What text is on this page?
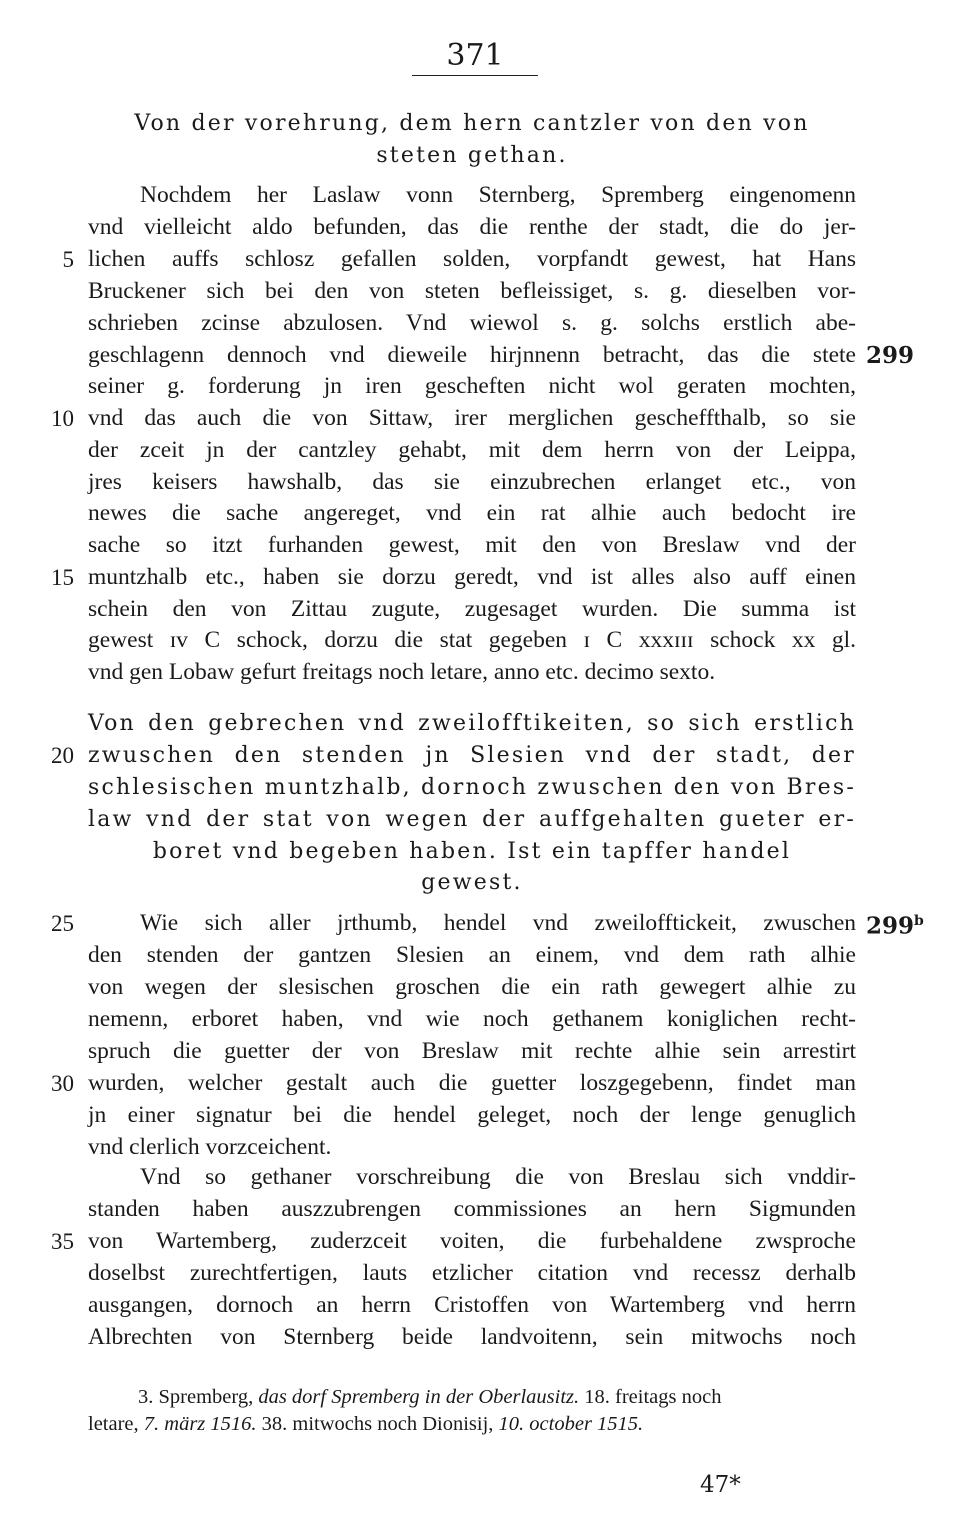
371
Von der vorehrung, dem hern cantzler von den von
steten gethan.
Nochdem her Laslaw vonn Sternberg, Spremberg eingenomenn
vnd vielleicht aldo befunden, das die renthe der stadt, die do jer-
lichen auffs schlosz gefallen solden, vorpfandt gewest, hat Hans
Bruckener sich bei den von steten befleissiget, s. g. dieselben vor-
schrieben zcinse abzulosen. Vnd wiewol s. g. solchs erstlich abe-
geschlagenn dennoch vnd dieweile hirjnnenn betracht, das die stete
seiner g. forderung jn iren gescheften nicht wol geraten mochten,
vnd das auch die von Sittaw, irer merglichen gescheffthalb, so sie
der zceit jn der cantzley gehabt, mit dem herrn von der Leippa,
jres keisers hawshalb, das sie einzubrechen erlanget etc., von
newes die sache angereget, vnd ein rat alhie auch bedocht ire
sache so itzt furhanden gewest, mit den von Breslaw vnd der
muntzhalb etc., haben sie dorzu geredt, vnd ist alles also auff einen
schein den von Zittau zugute, zugesaget wurden. Die summa ist
gewest ɪᴠ C schock, dorzu die stat gegeben ɪ C xxxɪɪɪ schock xx gl.
vnd gen Lobaw gefurt freitags noch letare, anno etc. decimo sexto.
Von den gebrechen vnd zweilofftikeiten, so sich erstlich
zwuschen den stenden jn Slesien vnd der stadt, der
schlesischen muntzhalb, dornoch zwuschen den von Bres-
law vnd der stat von wegen der auffgehalten gueter er-
boret vnd begeben haben. Ist ein tapffer handel
gewest.
Wie sich aller jrthumb, hendel vnd zweilofftickeit, zwuschen
den stenden der gantzen Slesien an einem, vnd dem rath alhie
von wegen der slesischen groschen die ein rath gewegert alhie zu
nemenn, erboret haben, vnd wie noch gethanem koniglichen recht-
spruch die guetter der von Breslaw mit rechte alhie sein arrestirt
wurden, welcher gestalt auch die guetter loszgegebenn, findet man
jn einer signatur bei die hendel geleget, noch der lenge genuglich
vnd clerlich vorzceichent.
Vnd so gethaner vorschreibung die von Breslau sich vnddir-
standen haben auszzubrengen commissiones an hern Sigmunden
von Wartemberg, zuderzceit voiten, die furbehaldene zwsproche
doselbst zurechtfertigen, lauts etzlicher citation vnd recessz derhalb
ausgangen, dornoch an herrn Cristoffen von Wartemberg vnd herrn
Albrechten von Sternberg beide landvoitenn, sein mitwochs noch
5
10
15
20
25
30
35
299
299$^b$
3. Spremberg, das dorf Spremberg in der Oberlausitz. 18. freitags noch
letare, 7. märz 1516. 38. mitwochs noch Dionisij, 10. october 1515.
47*
